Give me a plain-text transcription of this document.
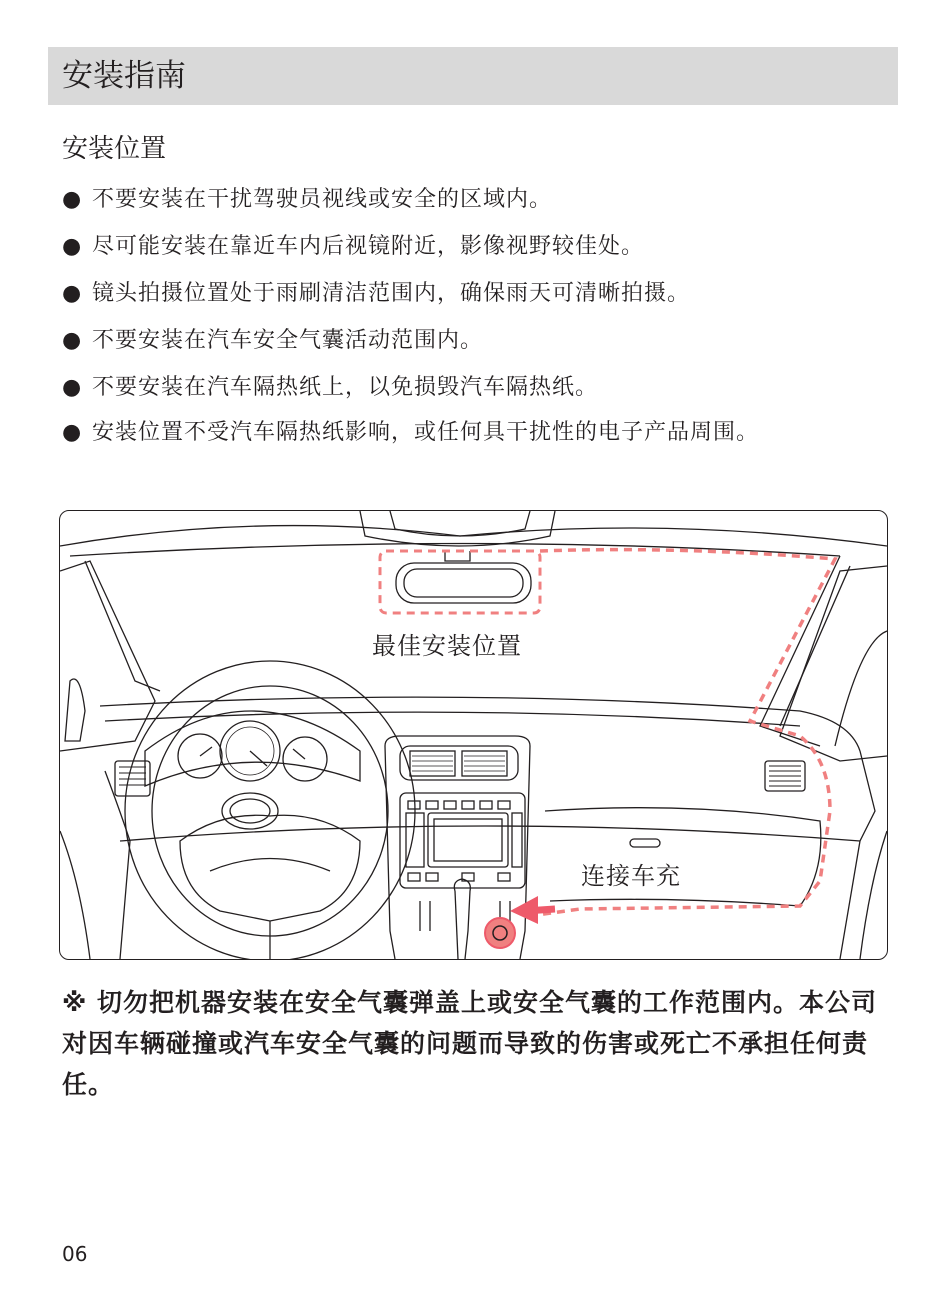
安装指南
安装位置
● 不要安装在干扰驾驶员视线或安全的区域内。
● 尽可能安装在靠近车内后视镜附近，影像视野较佳处。
● 镜头拍摄位置处于雨刷清洁范围内，确保雨天可清晰拍摄。
● 不要安装在汽车安全气囊活动范围内。
● 不要安装在汽车隔热纸上，以免损毁汽车隔热纸。
● 安装位置不受汽车隔热纸影响，或任何具干扰性的电子产品周围。
最佳安装位置
连接车充
※ 切勿把机器安装在安全气囊弹盖上或安全气囊的工作范围内。本公司对因车辆碰撞或汽车安全气囊的问题而导致的伤害或死亡不承担任何责任。
06
